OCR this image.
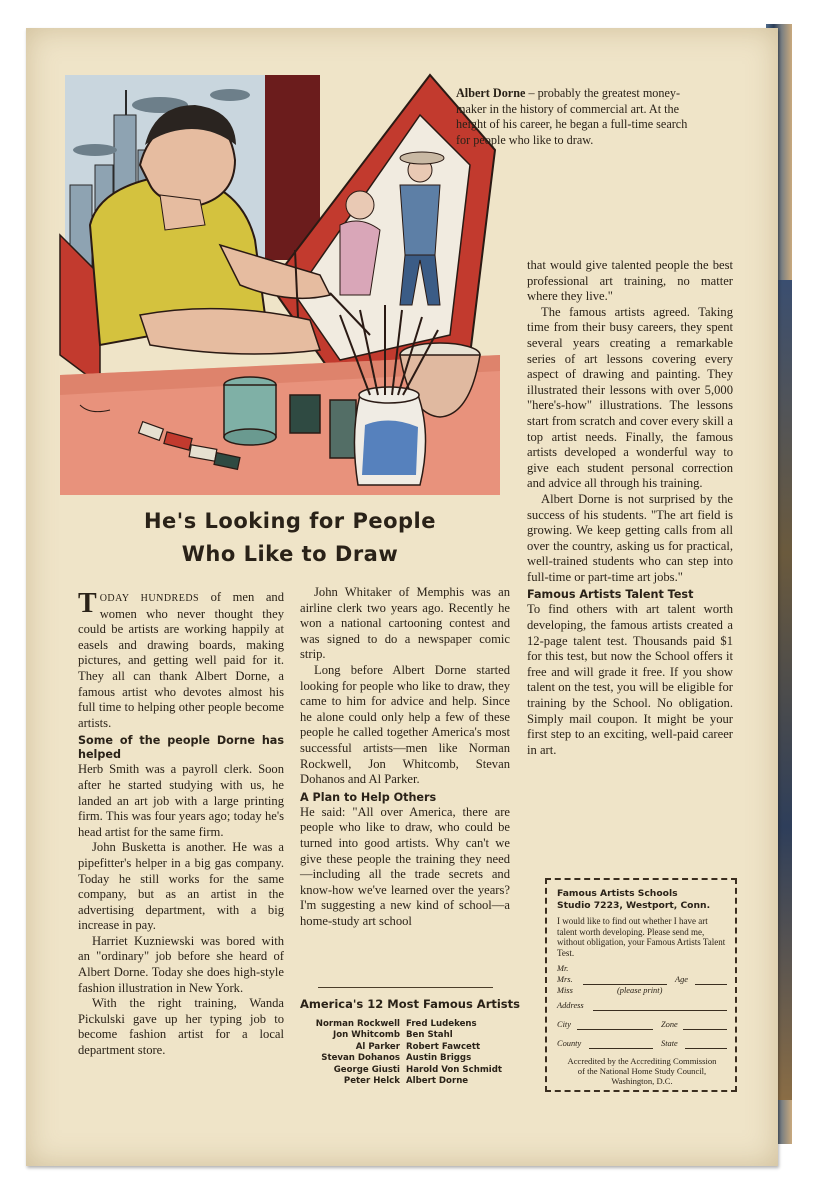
Albert Dorne – probably the greatest money-maker in the history of commercial art. At the height of his career, he began a full-time search for people who like to draw.
He's Looking for People
Who Like to Draw

TODAY HUNDREDS of men and women who never thought they could be artists are working happily at easels and drawing boards, making pictures, and getting well paid for it. They all can thank Albert Dorne, a famous artist who devotes almost his full time to helping other people become artists.

Some of the people Dorne has helped

Herb Smith was a payroll clerk. Soon after he started studying with us, he landed an art job with a large printing firm. This was four years ago; today he's head artist for the same firm.

John Busketta is another. He was a pipefitter's helper in a big gas company. Today he still works for the same company, but as an artist in the advertising department, with a big increase in pay.

Harriet Kuzniewski was bored with an "ordinary" job before she heard of Albert Dorne. Today she does high-style fashion illustration in New York.

With the right training, Wanda Pickulski gave up her typing job to become fashion artist for a local department store.

John Whitaker of Memphis was an airline clerk two years ago. Recently he won a national cartooning contest and was signed to do a newspaper comic strip.

Long before Albert Dorne started looking for people who like to draw, they came to him for advice and help. Since he alone could only help a few of these people he called together America's most successful artists—men like Norman Rockwell, Jon Whitcomb, Stevan Dohanos and Al Parker.

A Plan to Help Others

He said: "All over America, there are people who like to draw, who could be turned into good artists. Why can't we give these people the training they need—including all the trade secrets and know-how we've learned over the years? I'm suggesting a new kind of school—a home-study art school

America's 12 Most Famous Artists
Norman Rockwell
Jon Whitcomb
Al Parker
Stevan Dohanos
George Giusti
Peter Helck
Fred Ludekens
Ben Stahl
Robert Fawcett
Austin Briggs
Harold Von Schmidt
Albert Dorne

that would give talented people the best professional art training, no matter where they live."

The famous artists agreed. Taking time from their busy careers, they spent several years creating a remarkable series of art lessons covering every aspect of drawing and painting. They illustrated their lessons with over 5,000 "here's-how" illustrations. The lessons start from scratch and cover every skill a top artist needs. Finally, the famous artists developed a wonderful way to give each student personal correction and advice all through his training.

Albert Dorne is not surprised by the success of his students. "The art field is growing. We keep getting calls from all over the country, asking us for practical, well-trained students who can step into full-time or part-time art jobs."

Famous Artists Talent Test

To find others with art talent worth developing, the famous artists created a 12-page talent test. Thousands paid $1 for this test, but now the School offers it free and will grade it free. If you show talent on the test, you will be eligible for training by the School. No obligation. Simply mail coupon. It might be your first step to an exciting, well-paid career in art.

Famous Artists Schools
Studio 7223, Westport, Conn.
I would like to find out whether I have art talent worth developing. Please send me, without obligation, your Famous Artists Talent Test.
Mr.
Mrs.	Age
Miss	(please print)
Address
City	Zone
County	State
Accredited by the Accrediting Commission of the National Home Study Council, Washington, D.C.
